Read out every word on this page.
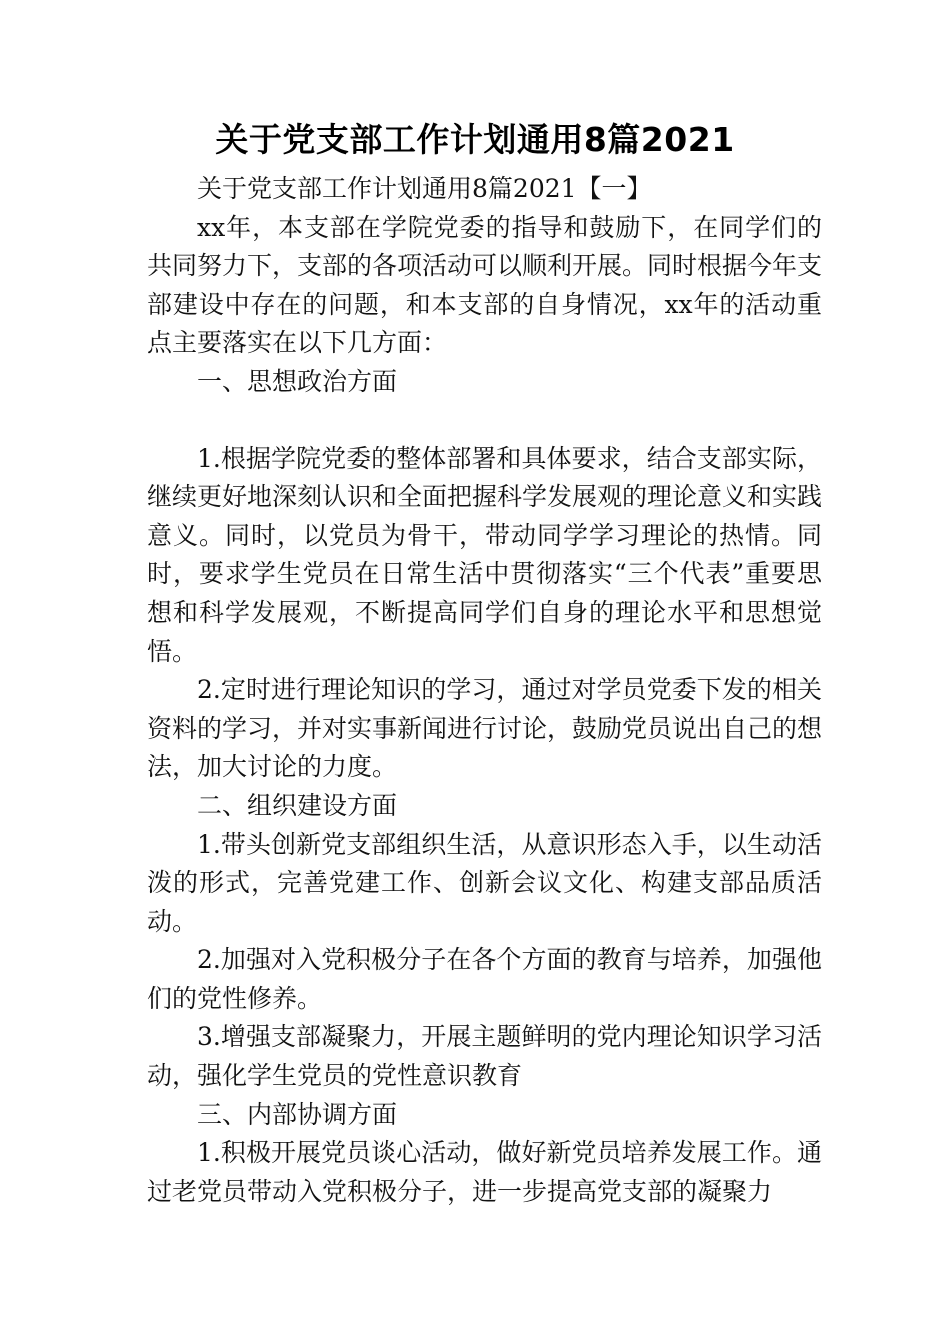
关于党支部工作计划通用8篇2021

关于党支部工作计划通用8篇2021【一】

xx年，本支部在学院党委的指导和鼓励下，在同学们的共同努力下，支部的各项活动可以顺利开展。同时根据今年支部建设中存在的问题，和本支部的自身情况，xx年的活动重点主要落实在以下几方面：

一、思想政治方面

1.根据学院党委的整体部署和具体要求，结合支部实际，继续更好地深刻认识和全面把握科学发展观的理论意义和实践意义。同时，以党员为骨干，带动同学学习理论的热情。同时，要求学生党员在日常生活中贯彻落实“三个代表”重要思想和科学发展观，不断提高同学们自身的理论水平和思想觉悟。

2.定时进行理论知识的学习，通过对学员党委下发的相关资料的学习，并对实事新闻进行讨论，鼓励党员说出自己的想法，加大讨论的力度。

二、组织建设方面

1.带头创新党支部组织生活，从意识形态入手，以生动活泼的形式，完善党建工作、创新会议文化、构建支部品质活动。

2.加强对入党积极分子在各个方面的教育与培养，加强他们的党性修养。

3.增强支部凝聚力，开展主题鲜明的党内理论知识学习活动，强化学生党员的党性意识教育

三、内部协调方面

1.积极开展党员谈心活动，做好新党员培养发展工作。通过老党员带动入党积极分子，进一步提高党支部的凝聚力
